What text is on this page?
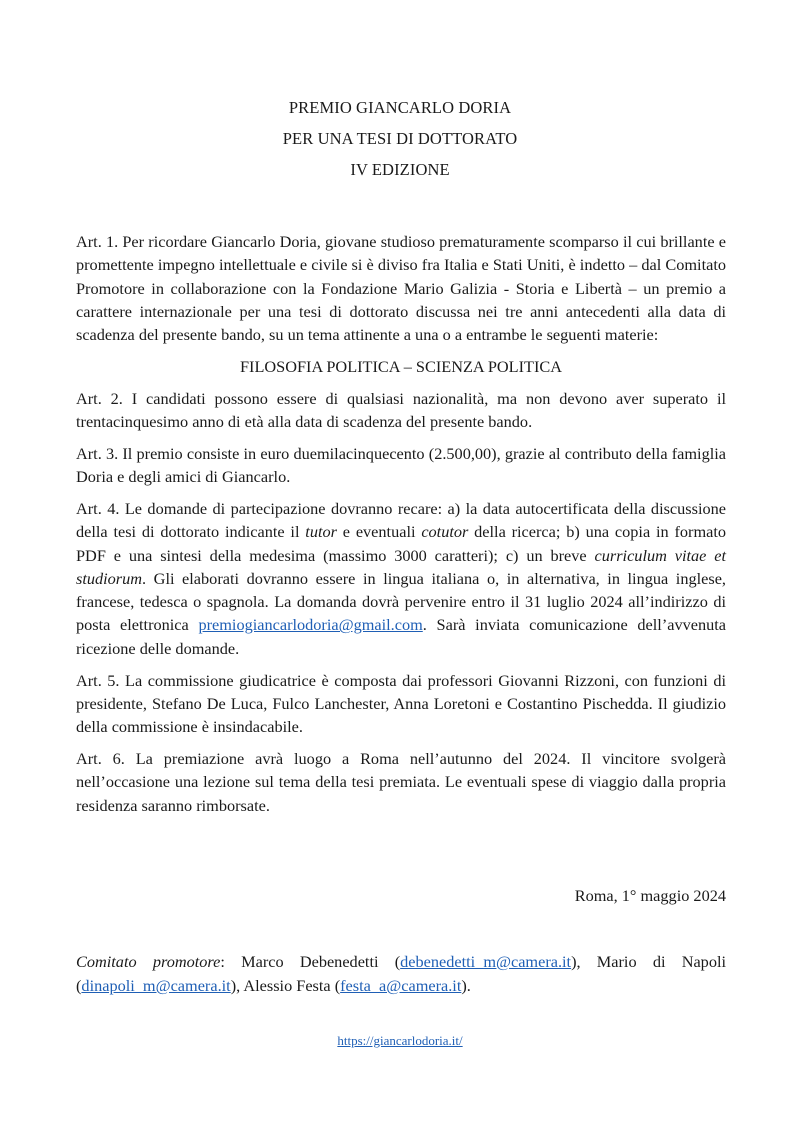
PREMIO GIANCARLO DORIA
PER UNA TESI DI DOTTORATO
IV EDIZIONE

Art. 1. Per ricordare Giancarlo Doria, giovane studioso prematuramente scomparso il cui brillante e promettente impegno intellettuale e civile si è diviso fra Italia e Stati Uniti, è indetto – dal Comitato Promotore in collaborazione con la Fondazione Mario Galizia - Storia e Libertà – un premio a carattere internazionale per una tesi di dottorato discussa nei tre anni antecedenti alla data di scadenza del presente bando, su un tema attinente a una o a entrambe le seguenti materie:

FILOSOFIA POLITICA – SCIENZA POLITICA

Art. 2. I candidati possono essere di qualsiasi nazionalità, ma non devono aver superato il trentacinquesimo anno di età alla data di scadenza del presente bando.

Art. 3. Il premio consiste in euro duemilacinquecento (2.500,00), grazie al contributo della famiglia Doria e degli amici di Giancarlo.

Art. 4. Le domande di partecipazione dovranno recare: a) la data autocertificata della discussione della tesi di dottorato indicante il tutor e eventuali cotutor della ricerca; b) una copia in formato PDF e una sintesi della medesima (massimo 3000 caratteri); c) un breve curriculum vitae et studiorum. Gli elaborati dovranno essere in lingua italiana o, in alternativa, in lingua inglese, francese, tedesca o spagnola. La domanda dovrà pervenire entro il 31 luglio 2024 all’indirizzo di posta elettronica premiogiancarlodoria@gmail.com. Sarà inviata comunicazione dell’avvenuta ricezione delle domande.

Art. 5. La commissione giudicatrice è composta dai professori Giovanni Rizzoni, con funzioni di presidente, Stefano De Luca, Fulco Lanchester, Anna Loretoni e Costantino Pischedda. Il giudizio della commissione è insindacabile.

Art. 6. La premiazione avrà luogo a Roma nell’autunno del 2024. Il vincitore svolgerà nell’occasione una lezione sul tema della tesi premiata. Le eventuali spese di viaggio dalla propria residenza saranno rimborsate.

Roma, 1° maggio 2024

Comitato promotore: Marco Debenedetti (debenedetti_m@camera.it), Mario di Napoli (dinapoli_m@camera.it), Alessio Festa (festa_a@camera.it).

https://giancarlodoria.it/
